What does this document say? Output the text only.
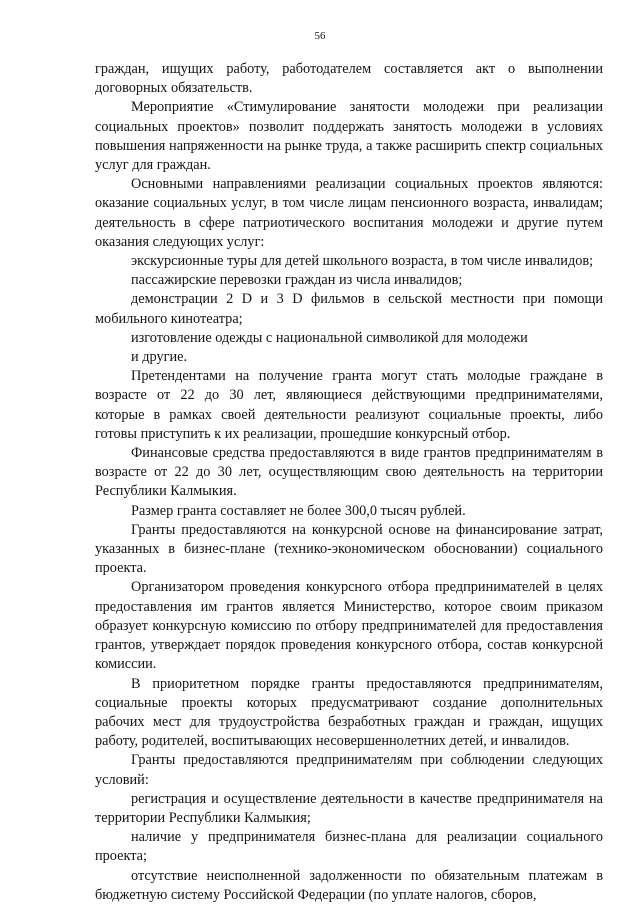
56

граждан, ищущих работу, работодателем составляется акт о выполнении договорных обязательств.

Мероприятие «Стимулирование занятости молодежи при реализации социальных проектов» позволит поддержать занятость молодежи в условиях повышения напряженности на рынке труда, а также расширить спектр социальных услуг для граждан.

Основными направлениями реализации социальных проектов являются: оказание социальных услуг, в том числе лицам пенсионного возраста, инвалидам; деятельность в сфере патриотического воспитания молодежи и другие путем оказания следующих услуг:

экскурсионные туры для детей школьного возраста, в том числе инвалидов;

пассажирские перевозки граждан из числа инвалидов;

демонстрации 2 D и 3 D фильмов в сельской местности при помощи мобильного кинотеатра;

изготовление одежды с национальной символикой для молодежи

и другие.

Претендентами на получение гранта могут стать молодые граждане в возрасте от 22 до 30 лет, являющиеся действующими предпринимателями, которые в рамках своей деятельности реализуют социальные проекты, либо готовы приступить к их реализации, прошедшие конкурсный отбор.

Финансовые средства предоставляются в виде грантов предпринимателям в возрасте от 22 до 30 лет, осуществляющим свою деятельность на территории Республики Калмыкия.

Размер гранта составляет не более 300,0 тысяч рублей.

Гранты предоставляются на конкурсной основе на финансирование затрат, указанных в бизнес-плане (технико-экономическом обосновании) социального проекта.

Организатором проведения конкурсного отбора предпринимателей в целях предоставления им грантов является Министерство, которое своим приказом образует конкурсную комиссию по отбору предпринимателей для предоставления грантов, утверждает порядок проведения конкурсного отбора, состав конкурсной комиссии.

В приоритетном порядке гранты предоставляются предпринимателям, социальные проекты которых предусматривают создание дополнительных рабочих мест для трудоустройства безработных граждан и граждан, ищущих работу, родителей, воспитывающих несовершеннолетних детей, и инвалидов.

Гранты предоставляются предпринимателям при соблюдении следующих условий:

регистрация и осуществление деятельности в качестве предпринимателя на территории Республики Калмыкия;

наличие у предпринимателя бизнес-плана для реализации социального проекта;

отсутствие неисполненной задолженности по обязательным платежам в бюджетную систему Российской Федерации (по уплате налогов, сборов,
